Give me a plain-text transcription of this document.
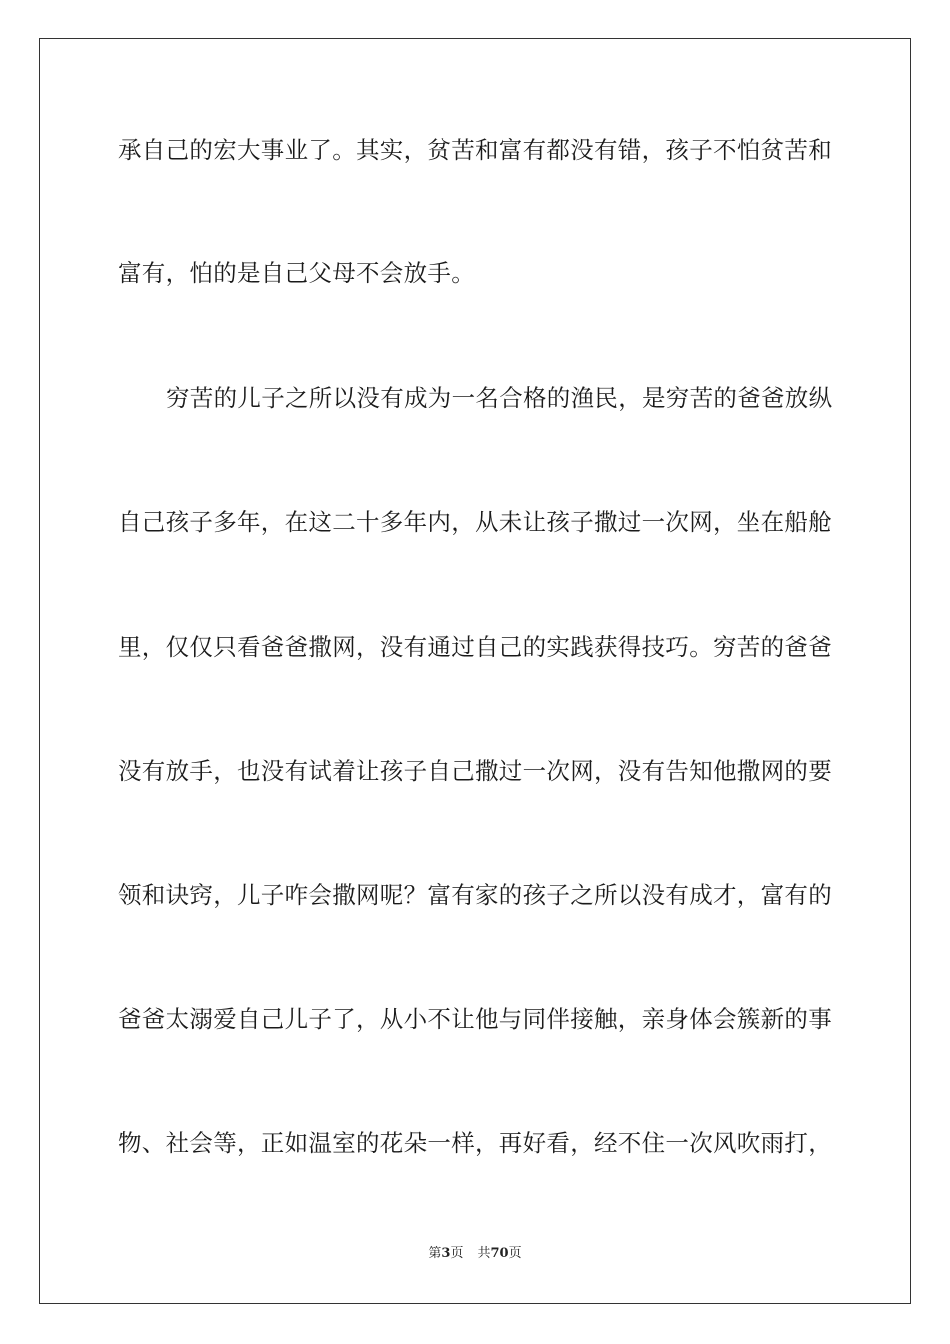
承自己的宏大事业了。其实，贫苦和富有都没有错，孩子不怕贫苦和
富有，怕的是自己父母不会放手。
穷苦的儿子之所以没有成为一名合格的渔民，是穷苦的爸爸放纵
自己孩子多年，在这二十多年内，从未让孩子撒过一次网，坐在船舱
里，仅仅只看爸爸撒网，没有通过自己的实践获得技巧。穷苦的爸爸
没有放手，也没有试着让孩子自己撒过一次网，没有告知他撒网的要
领和诀窍，儿子咋会撒网呢？富有家的孩子之所以没有成才，富有的
爸爸太溺爱自己儿子了，从小不让他与同伴接触，亲身体会簇新的事
物、社会等，正如温室的花朵一样，再好看，经不住一次风吹雨打，
第3页 共70页
